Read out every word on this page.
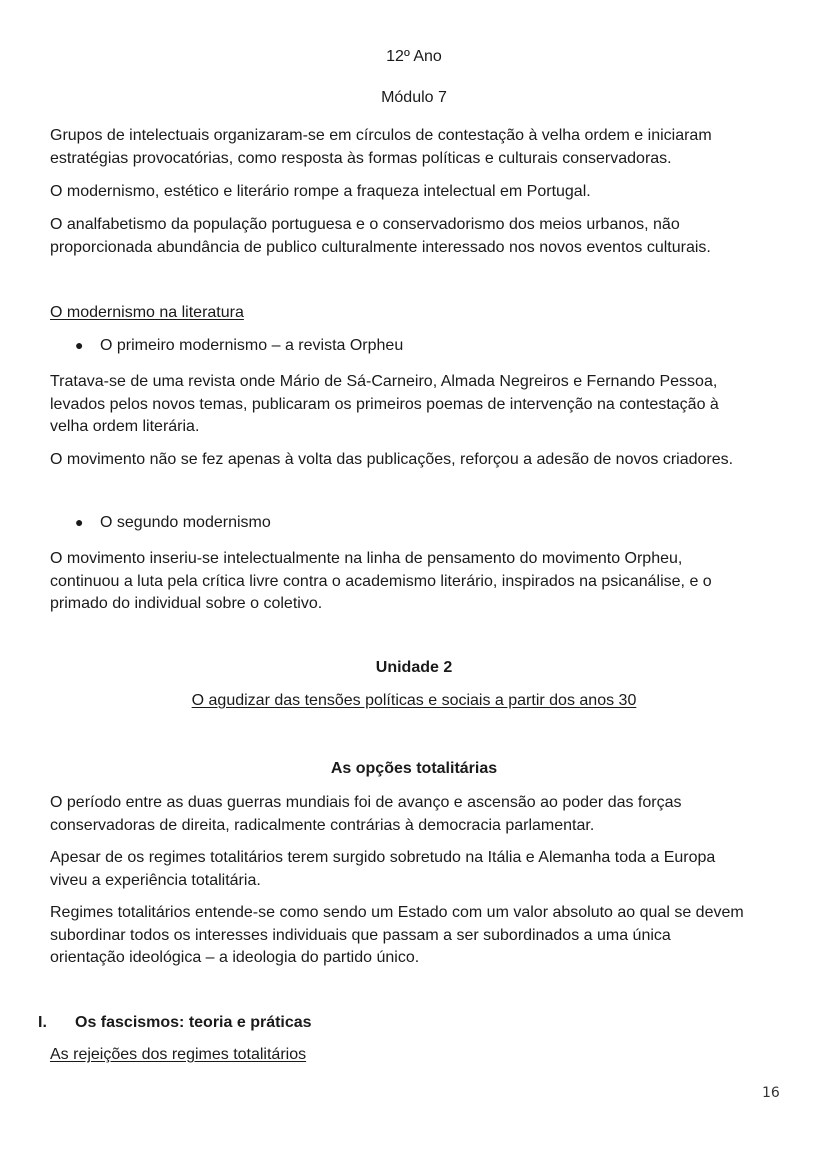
12º Ano
Módulo 7
Grupos de intelectuais organizaram-se em círculos de contestação à velha ordem e iniciaram
estratégias provocatórias, como resposta às formas políticas e culturais conservadoras.
O modernismo, estético e literário rompe a fraqueza intelectual em Portugal.
O analfabetismo da população portuguesa e o conservadorismo dos meios urbanos, não
proporcionada abundância de publico culturalmente interessado nos novos eventos culturais.
O modernismo na literatura
● O primeiro modernismo – a revista Orpheu
Tratava-se de uma revista onde Mário de Sá-Carneiro, Almada Negreiros e Fernando Pessoa,
levados pelos novos temas, publicaram os primeiros poemas de intervenção na contestação à
velha ordem literária.
O movimento não se fez apenas à volta das publicações, reforçou a adesão de novos criadores.
● O segundo modernismo
O movimento inseriu-se intelectualmente na linha de pensamento do movimento Orpheu,
continuou a luta pela crítica livre contra o academismo literário, inspirados na psicanálise, e o
primado do individual sobre o coletivo.
Unidade 2
O agudizar das tensões políticas e sociais a partir dos anos 30
As opções totalitárias
O período entre as duas guerras mundiais foi de avanço e ascensão ao poder das forças
conservadoras de direita, radicalmente contrárias à democracia parlamentar.
Apesar de os regimes totalitários terem surgido sobretudo na Itália e Alemanha toda a Europa
viveu a experiência totalitária.
Regimes totalitários entende-se como sendo um Estado com um valor absoluto ao qual se devem
subordinar todos os interesses individuais que passam a ser subordinados a uma única
orientação ideológica – a ideologia do partido único.
I. Os fascismos: teoria e práticas
As rejeições dos regimes totalitários
16
